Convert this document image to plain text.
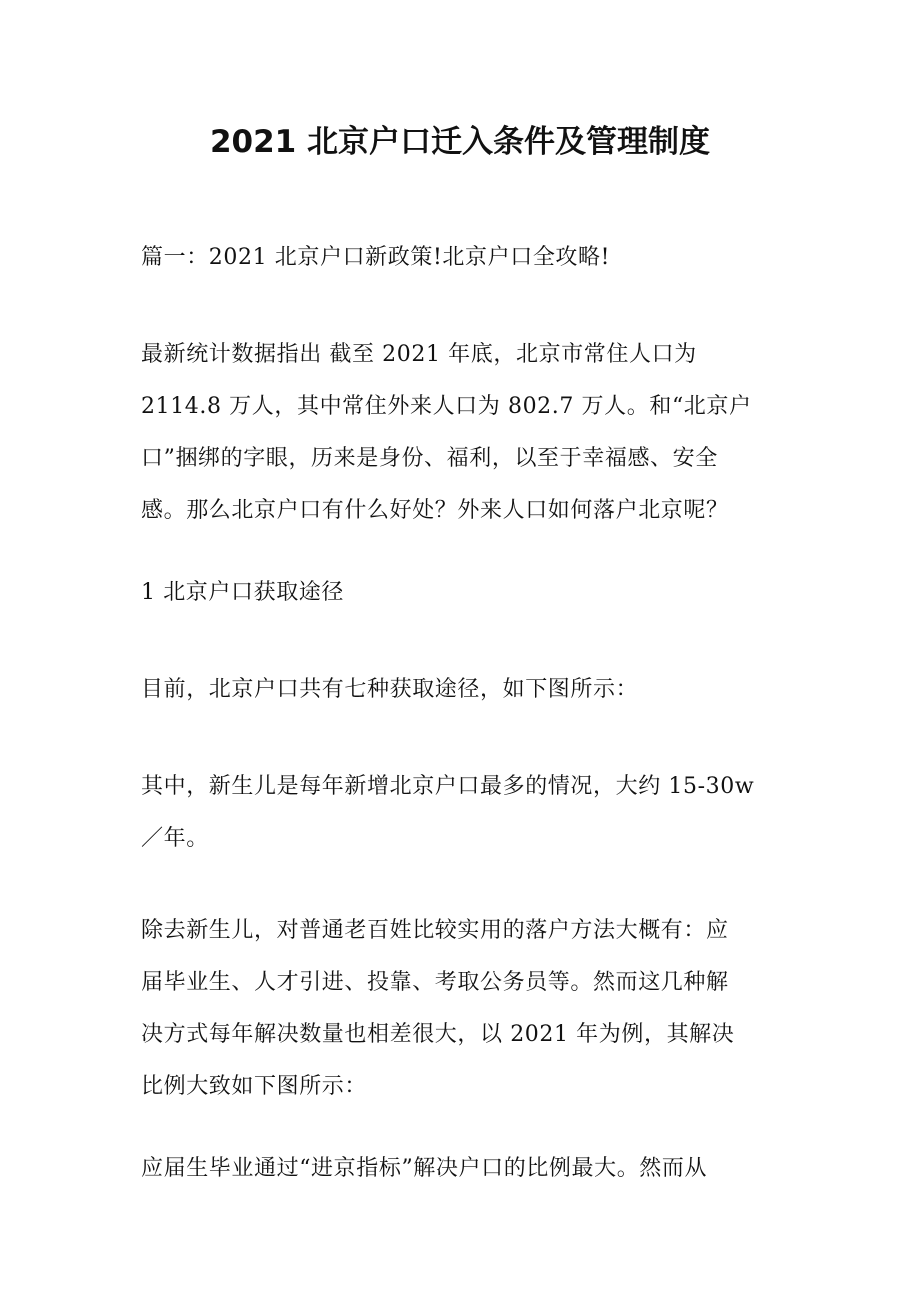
2021 北京户口迁入条件及管理制度

篇一：2021 北京户口新政策!北京户口全攻略!

最新统计数据指出 截至 2021 年底，北京市常住人口为
2114.8 万人，其中常住外来人口为 802.7 万人。和“北京户
口”捆绑的字眼，历来是身份、福利，以至于幸福感、安全
感。那么北京户口有什么好处？外来人口如何落户北京呢？

1 北京户口获取途径

目前，北京户口共有七种获取途径，如下图所示：

其中，新生儿是每年新增北京户口最多的情况，大约 15-30w
／年。

除去新生儿，对普通老百姓比较实用的落户方法大概有：应
届毕业生、人才引进、投靠、考取公务员等。然而这几种解
决方式每年解决数量也相差很大，以 2021 年为例，其解决
比例大致如下图所示：

应届生毕业通过“进京指标”解决户口的比例最大。然而从
